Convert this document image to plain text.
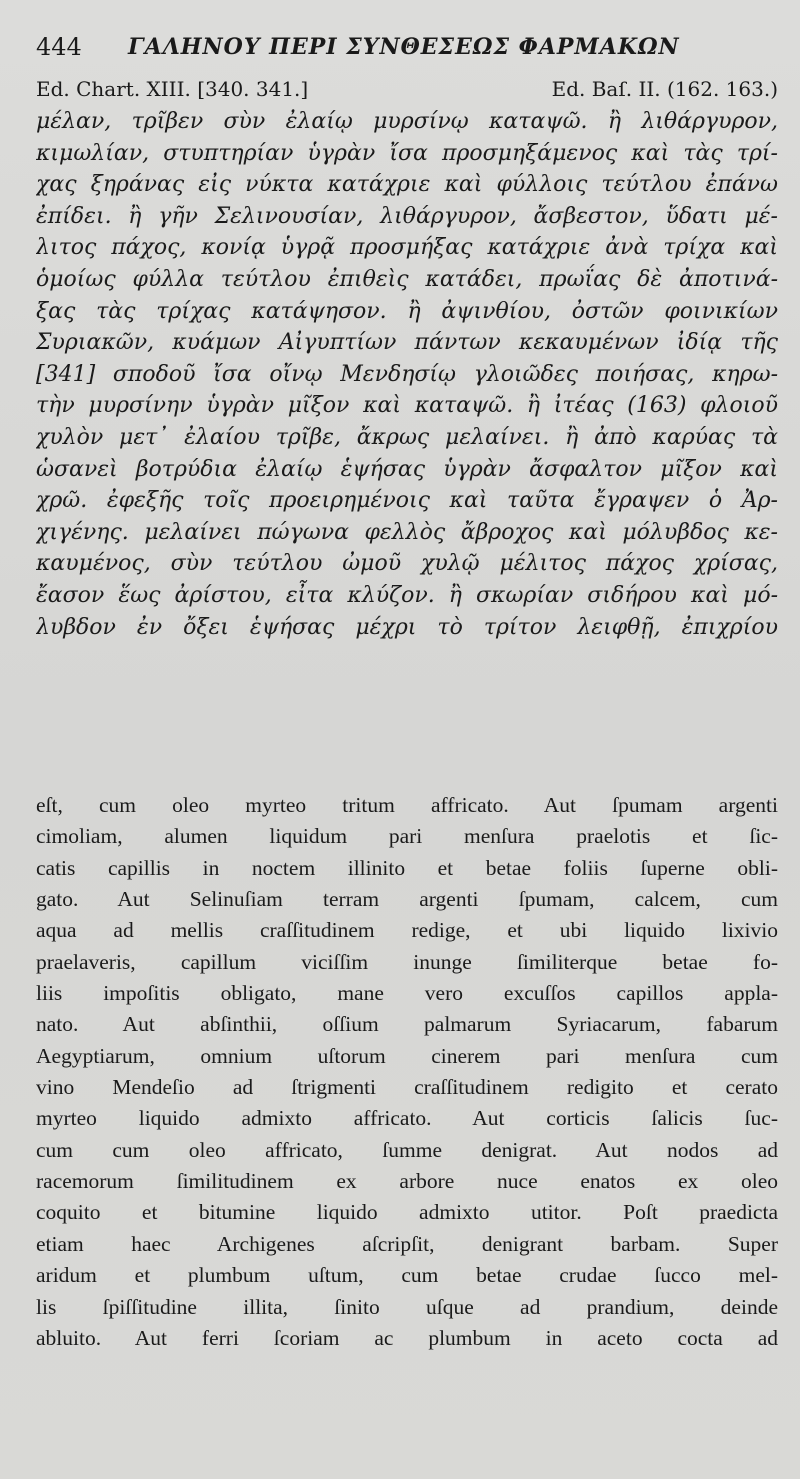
444 ΓΑΛΗΝΟΥ ΠΕΡΙ ΣΥΝΘΕΣΕΩΣ ΦΑΡΜΑΚΩΝ
Ed. Chart. XIII. [340. 341.]	Ed. Baſ. II. (162. 163.)
μέλαν, τρῖβεν σὺν ἐλαίῳ μυρσίνῳ καταψῶ. ἢ λιθάργυρον,
κιμωλίαν, στυπτηρίαν ὑγρὰν ἴσα προσμηξάμενος καὶ τὰς τρί-
χας ξηράνας εἰς νύκτα κατάχριε καὶ φύλλοις τεύτλου ἐπάνω
ἐπίδει. ἢ γῆν Σελινουσίαν, λιθάργυρον, ἄσβεστον, ὕδατι μέ-
λιτος πάχος, κονίᾳ ὑγρᾷ προσμήξας κατάχριε ἀνὰ τρίχα καὶ
ὁμοίως φύλλα τεύτλου ἐπιθεὶς κατάδει, πρωΐας δὲ ἀποτινά-
ξας τὰς τρίχας κατάψησον. ἢ ἀψινθίου, ὀστῶν φοινικίων
Συριακῶν, κυάμων Αἰγυπτίων πάντων κεκαυμένων ἰδίᾳ τῆς
[341] σποδοῦ ἴσα οἴνῳ Μενδησίῳ γλοιῶδες ποιήσας, κηρω-
τὴν μυρσίνην ὑγρὰν μῖξον καὶ καταψῶ. ἢ ἰτέας (163) φλοιοῦ
χυλὸν μετ᾽ ἐλαίου τρῖβε, ἄκρως μελαίνει. ἢ ἀπὸ καρύας τὰ
ὡσανεὶ βοτρύδια ἐλαίῳ ἑψήσας ὑγρὰν ἄσφαλτον μῖξον καὶ
χρῶ. ἐφεξῆς τοῖς προειρημένοις καὶ ταῦτα ἔγραψεν ὁ Ἀρ-
χιγένης. μελαίνει πώγωνα φελλὸς ἄβροχος καὶ μόλυβδος κε-
καυμένος, σὺν τεύτλου ὠμοῦ χυλῷ μέλιτος πάχος χρίσας,
ἔασον ἕως ἀρίστου, εἶτα κλύζον. ἢ σκωρίαν σιδήρου καὶ μό-
λυβδον ἐν ὄξει ἑψήσας μέχρι τὸ τρίτον λειφθῇ, ἐπιχρίου
eſt, cum oleo myrteo tritum affricato. Aut ſpumam argenti
cimoliam, alumen liquidum pari menſura praelotis et ſic-
catis capillis in noctem illinito et betae foliis ſuperne obli-
gato. Aut Selinuſiam terram argenti ſpumam, calcem, cum
aqua ad mellis craſſitudinem redige, et ubi liquido lixivio
praelaveris, capillum viciſſim inunge ſimiliterque betae fo-
liis impoſitis obligato, mane vero excuſſos capillos appla-
nato. Aut abſinthii, oſſium palmarum Syriacarum, fabarum
Aegyptiarum, omnium uſtorum cinerem pari menſura cum
vino Mendeſio ad ſtrigmenti craſſitudinem redigito et cerato
myrteo liquido admixto affricato. Aut corticis ſalicis ſuc-
cum cum oleo affricato, ſumme denigrat. Aut nodos ad
racemorum ſimilitudinem ex arbore nuce enatos ex oleo
coquito et bitumine liquido admixto utitor. Poſt praedicta
etiam haec Archigenes aſcripſit, denigrant barbam. Super
aridum et plumbum uſtum, cum betae crudae ſucco mel-
lis ſpiſſitudine illita, ſinito uſque ad prandium, deinde
abluito. Aut ferri ſcoriam ac plumbum in aceto cocta ad
